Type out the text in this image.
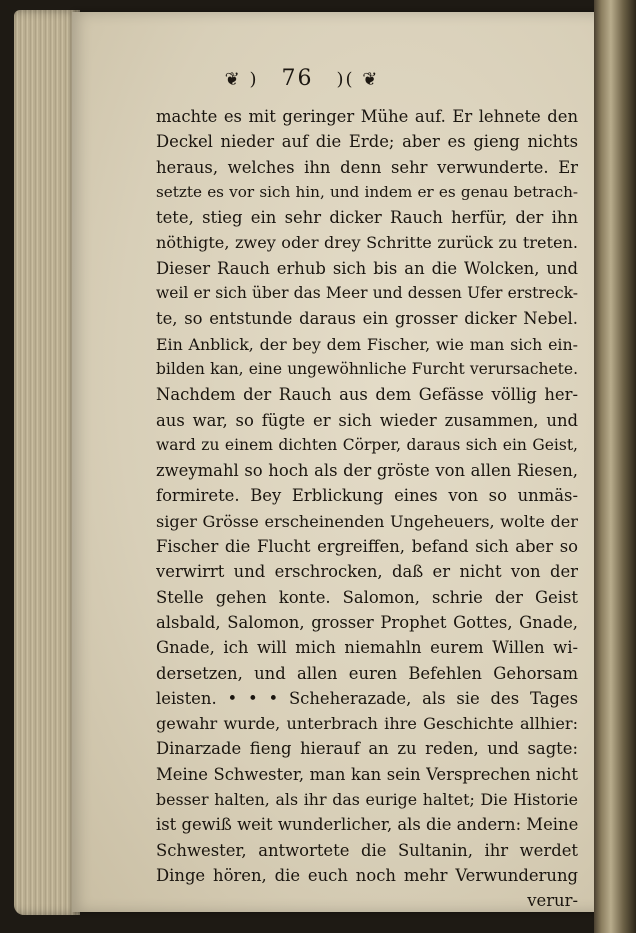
❦ ) 76 )( ❦
machte es mit geringer Mühe auf. Er lehnete den
Deckel nieder auf die Erde; aber es gieng nichts
heraus, welches ihn denn sehr verwunderte. Er
setzte es vor sich hin, und indem er es genau betrach-
tete, stieg ein sehr dicker Rauch herfür, der ihn
nöthigte, zwey oder drey Schritte zurück zu treten.
Dieser Rauch erhub sich bis an die Wolcken, und
weil er sich über das Meer und dessen Ufer erstreck-
te, so entstunde daraus ein grosser dicker Nebel.
Ein Anblick, der bey dem Fischer, wie man sich ein-
bilden kan, eine ungewöhnliche Furcht verursachete.
Nachdem der Rauch aus dem Gefässe völlig her-
aus war, so fügte er sich wieder zusammen, und
ward zu einem dichten Cörper, daraus sich ein Geist,
zweymahl so hoch als der gröste von allen Riesen,
formirete. Bey Erblickung eines von so unmäs-
siger Grösse erscheinenden Ungeheuers, wolte der
Fischer die Flucht ergreiffen, befand sich aber so
verwirrt und erschrocken, daß er nicht von der
Stelle gehen konte. Salomon, schrie der Geist
alsbald, Salomon, grosser Prophet Gottes, Gnade,
Gnade, ich will mich niemahln eurem Willen wi-
dersetzen, und allen euren Befehlen Gehorsam
leisten. • • • Scheherazade, als sie des Tages
gewahr wurde, unterbrach ihre Geschichte allhier:
Dinarzade fieng hierauf an zu reden, und sagte:
Meine Schwester, man kan sein Versprechen nicht
besser halten, als ihr das eurige haltet; Die Historie
ist gewiß weit wunderlicher, als die andern: Meine
Schwester, antwortete die Sultanin, ihr werdet
Dinge hören, die euch noch mehr Verwunderung
verur-
